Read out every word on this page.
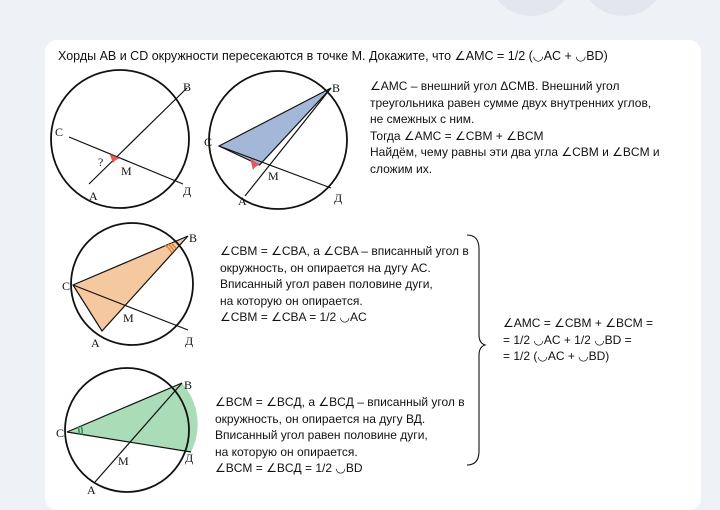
С
В
А	Д
М
?
С
В
А	Д
М
С
В
А	Д
М
С
В
А
Д
М
Хорды АВ и CD окружности пересекаются в точке М. Докажите, что ∠AMC = 1/2 (◡AC + ◡BD)
∠AMC – внешний угол ΔCMB. Внешний угол
треугольника равен сумме двух внутренних углов,
не смежных с ним.
Тогда ∠AMC = ∠CBM + ∠BCM
Найдём, чему равны эти два угла ∠CBM и ∠BCM и
сложим их.
∠CBM = ∠CBA, а ∠CBA – вписанный угол в
окружность, он опирается на дугу АС.
Вписанный угол равен половине дуги,
на которую он опирается.
∠CBM = ∠CBA = 1/2 ◡AC
∠BCM = ∠BCД, а ∠BCД – вписанный угол в
окружность, он опирается на дугу ВД.
Вписанный угол равен половине дуги,
на которую он опирается.
∠BCM = ∠BCД = 1/2 ◡BD
∠AMC = ∠CBM + ∠BCM =
= 1/2 ◡AC + 1/2 ◡BD =
= 1/2 (◡AC + ◡BD)
